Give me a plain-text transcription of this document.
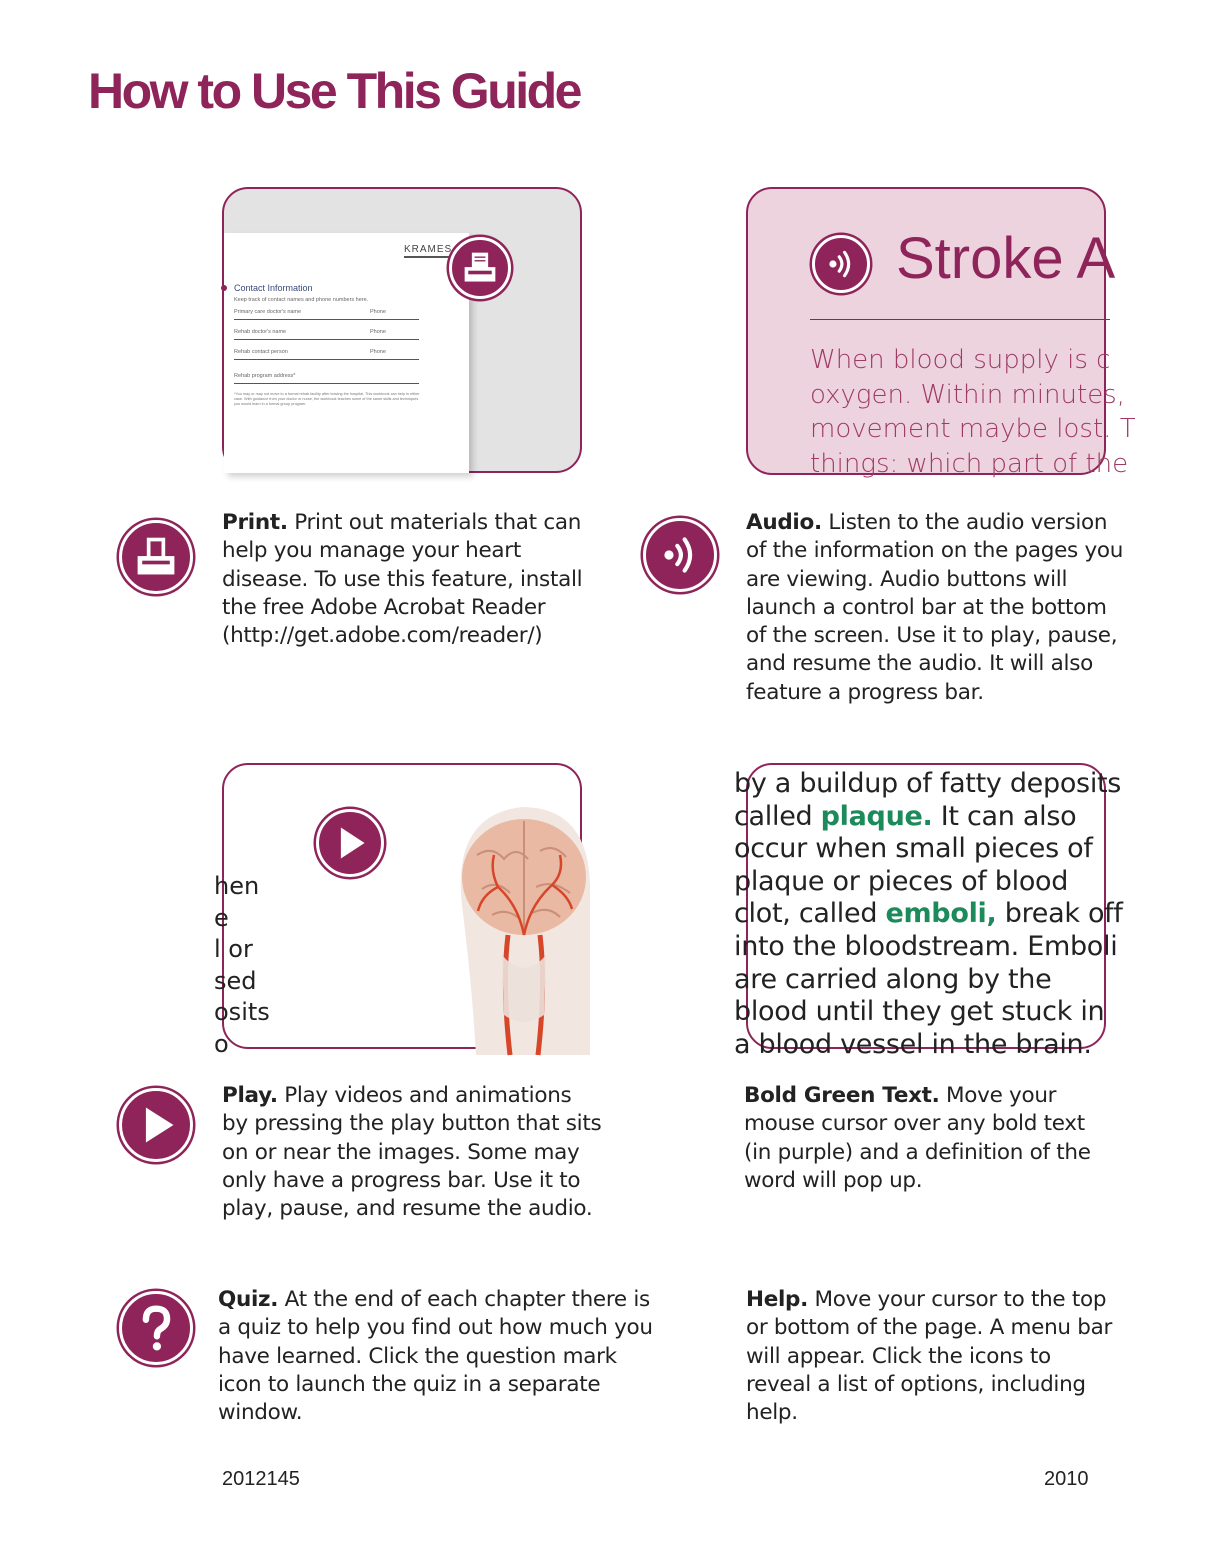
How to Use This Guide
KRAMES
Contact Information
Keep track of contact names and phone numbers here.
Primary care doctor's name	Phone
Rehab doctor's name	Phone
Rehab contact person	Phone
Rehab program address*
*You may or may not move to a formal rehab facility after leaving the hospital. This workbook can help in either case. With guidance from your doctor or nurse, the workbook teaches some of the same skills and techniques you would learn in a formal group program.
Stroke A

When blood supply is c
oxygen. Within minutes,
movement maybe lost. T
things: which part of the

hen
e
l or
sed
osits
o

by a buildup of fatty deposits
called plaque. It can also
occur when small pieces of
plaque or pieces of blood
clot, called emboli, break off
into the bloodstream. Emboli
are carried along by the
blood until they get stuck in
a blood vessel in the brain.

Print. Print out materials that can help you manage your heart disease. To use this feature, install the free Adobe Acrobat Reader (http://get.adobe.com/reader/)

Audio. Listen to the audio version of the information on the pages you are viewing. Audio buttons will launch a control bar at the bottom of the screen. Use it to play, pause, and resume the audio. It will also feature a progress bar.

Play. Play videos and animations by pressing the play button that sits on or near the images. Some may only have a progress bar. Use it to play, pause, and resume the audio.

Bold Green Text. Move your mouse cursor over any bold text (in purple) and a definition of the word will pop up.

Quiz. At the end of each chapter there is a quiz to help you find out how much you have learned. Click the question mark icon to launch the quiz in a separate window.

Help. Move your cursor to the top or bottom of the page. A menu bar will appear. Click the icons to reveal a list of options, including help.

2012145	2010
